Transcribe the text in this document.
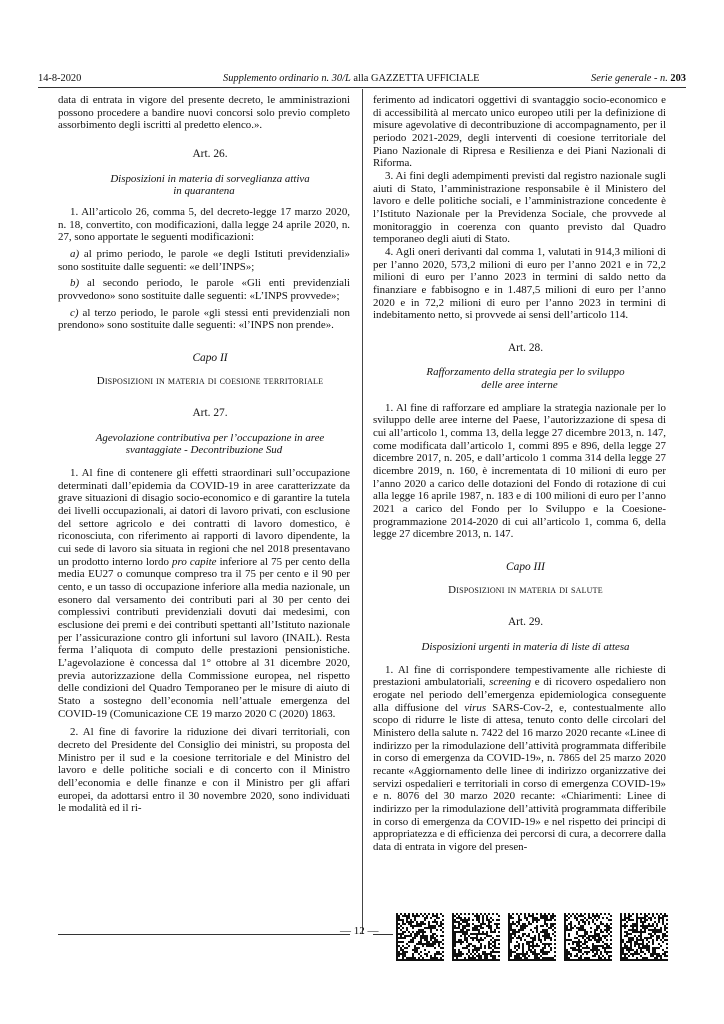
14-8-2020	Supplemento ordinario n. 30/L alla GAZZETTA UFFICIALE	Serie generale - n. 203

data di entrata in vigore del presente decreto, le amministrazioni possono procedere a bandire nuovi concorsi solo previo completo assorbimento degli iscritti al predetto elenco.».

Art. 26.

Disposizioni in materia di sorveglianza attiva
in quarantena

1. All’articolo 26, comma 5, del decreto-legge 17 marzo 2020, n. 18, convertito, con modificazioni, dalla legge 24 aprile 2020, n. 27, sono apportate le seguenti modificazioni:

a) al primo periodo, le parole «e degli Istituti previdenziali» sono sostituite dalle seguenti: «e dell’INPS»;

b) al secondo periodo, le parole «Gli enti previdenziali provvedono» sono sostituite dalle seguenti: «L’INPS provvede»;

c) al terzo periodo, le parole «gli stessi enti previdenziali non prendono» sono sostituite dalle seguenti: «l’INPS non prende».

Capo II

Disposizioni in materia di coesione territoriale

Art. 27.

Agevolazione contributiva per l’occupazione in aree
svantaggiate - Decontribuzione Sud

1. Al fine di contenere gli effetti straordinari sull’occupazione determinati dall’epidemia da COVID-19 in aree caratterizzate da grave situazioni di disagio socio-economico e di garantire la tutela dei livelli occupazionali, ai datori di lavoro privati, con esclusione del settore agricolo e dei contratti di lavoro domestico, è riconosciuta, con riferimento ai rapporti di lavoro dipendente, la cui sede di lavoro sia situata in regioni che nel 2018 presentavano un prodotto interno lordo pro capite inferiore al 75 per cento della media EU27 o comunque compreso tra il 75 per cento e il 90 per cento, e un tasso di occupazione inferiore alla media nazionale, un esonero dal versamento dei contributi pari al 30 per cento dei complessivi contributi previdenziali dovuti dai medesimi, con esclusione dei premi e dei contributi spettanti all’Istituto nazionale per l’assicurazione contro gli infortuni sul lavoro (INAIL). Resta ferma l’aliquota di computo delle prestazioni pensionistiche. L’agevolazione è concessa dal 1° ottobre al 31 dicembre 2020, previa autorizzazione della Commissione europea, nel rispetto delle condizioni del Quadro Temporaneo per le misure di aiuto di Stato a sostegno dell’economia nell’attuale emergenza del COVID-19 (Comunicazione CE 19 marzo 2020 C (2020) 1863.

2. Al fine di favorire la riduzione dei divari territoriali, con decreto del Presidente del Consiglio dei ministri, su proposta del Ministro per il sud e la coesione territoriale e del Ministro del lavoro e delle politiche sociali e di concerto con il Ministro dell’economia e delle finanze e con il Ministro per gli affari europei, da adottarsi entro il 30 novembre 2020, sono individuati le modalità ed il ri-

ferimento ad indicatori oggettivi di svantaggio socio-economico e di accessibilità al mercato unico europeo utili per la definizione di misure agevolative di decontribuzione di accompagnamento, per il periodo 2021-2029, degli interventi di coesione territoriale del Piano Nazionale di Ripresa e Resilienza e dei Piani Nazionali di Riforma.

3. Ai fini degli adempimenti previsti dal registro nazionale sugli aiuti di Stato, l’amministrazione responsabile è il Ministero del lavoro e delle politiche sociali, e l’amministrazione concedente è l’Istituto Nazionale per la Previdenza Sociale, che provvede al monitoraggio in coerenza con quanto previsto dal Quadro temporaneo degli aiuti di Stato.

4. Agli oneri derivanti dal comma 1, valutati in 914,3 milioni di per l’anno 2020, 573,2 milioni di euro per l’anno 2021 e in 72,2 milioni di euro per l’anno 2023 in termini di saldo netto da finanziare e fabbisogno e in 1.487,5 milioni di euro per l’anno 2020 e in 72,2 milioni di euro per l’anno 2023 in termini di indebitamento netto, si provvede ai sensi dell’articolo 114.

Art. 28.

Rafforzamento della strategia per lo sviluppo
delle aree interne

1. Al fine di rafforzare ed ampliare la strategia nazionale per lo sviluppo delle aree interne del Paese, l’autorizzazione di spesa di cui all’articolo 1, comma 13, della legge 27 dicembre 2013, n. 147, come modificata dall’articolo 1, commi 895 e 896, della legge 27 dicembre 2017, n. 205, e dall’articolo 1 comma 314 della legge 27 dicembre 2019, n. 160, è incrementata di 10 milioni di euro per l’anno 2020 a carico delle dotazioni del Fondo di rotazione di cui alla legge 16 aprile 1987, n. 183 e di 100 milioni di euro per l’anno 2021 a carico del Fondo per lo Sviluppo e la Coesione-programmazione 2014-2020 di cui all’articolo 1, comma 6, della legge 27 dicembre 2013, n. 147.

Capo III

Disposizioni in materia di salute

Art. 29.

Disposizioni urgenti in materia di liste di attesa

1. Al fine di corrispondere tempestivamente alle richieste di prestazioni ambulatoriali, screening e di ricovero ospedaliero non erogate nel periodo dell’emergenza epidemiologica conseguente alla diffusione del virus SARS-Cov-2, e, contestualmente allo scopo di ridurre le liste di attesa, tenuto conto delle circolari del Ministero della salute n. 7422 del 16 marzo 2020 recante «Linee di indirizzo per la rimodulazione dell’attività programmata differibile in corso di emergenza da COVID-19», n. 7865 del 25 marzo 2020 recante «Aggiornamento delle linee di indirizzo organizzative dei servizi ospedalieri e territoriali in corso di emergenza COVID-19» e n. 8076 del 30 marzo 2020 recante: «Chiarimenti: Linee di indirizzo per la rimodulazione dell’attività programmata differibile in corso di emergenza da COVID-19» e nel rispetto dei principi di appropriatezza e di efficienza dei percorsi di cura, a decorrere dalla data di entrata in vigore del presen-

— 12 —
